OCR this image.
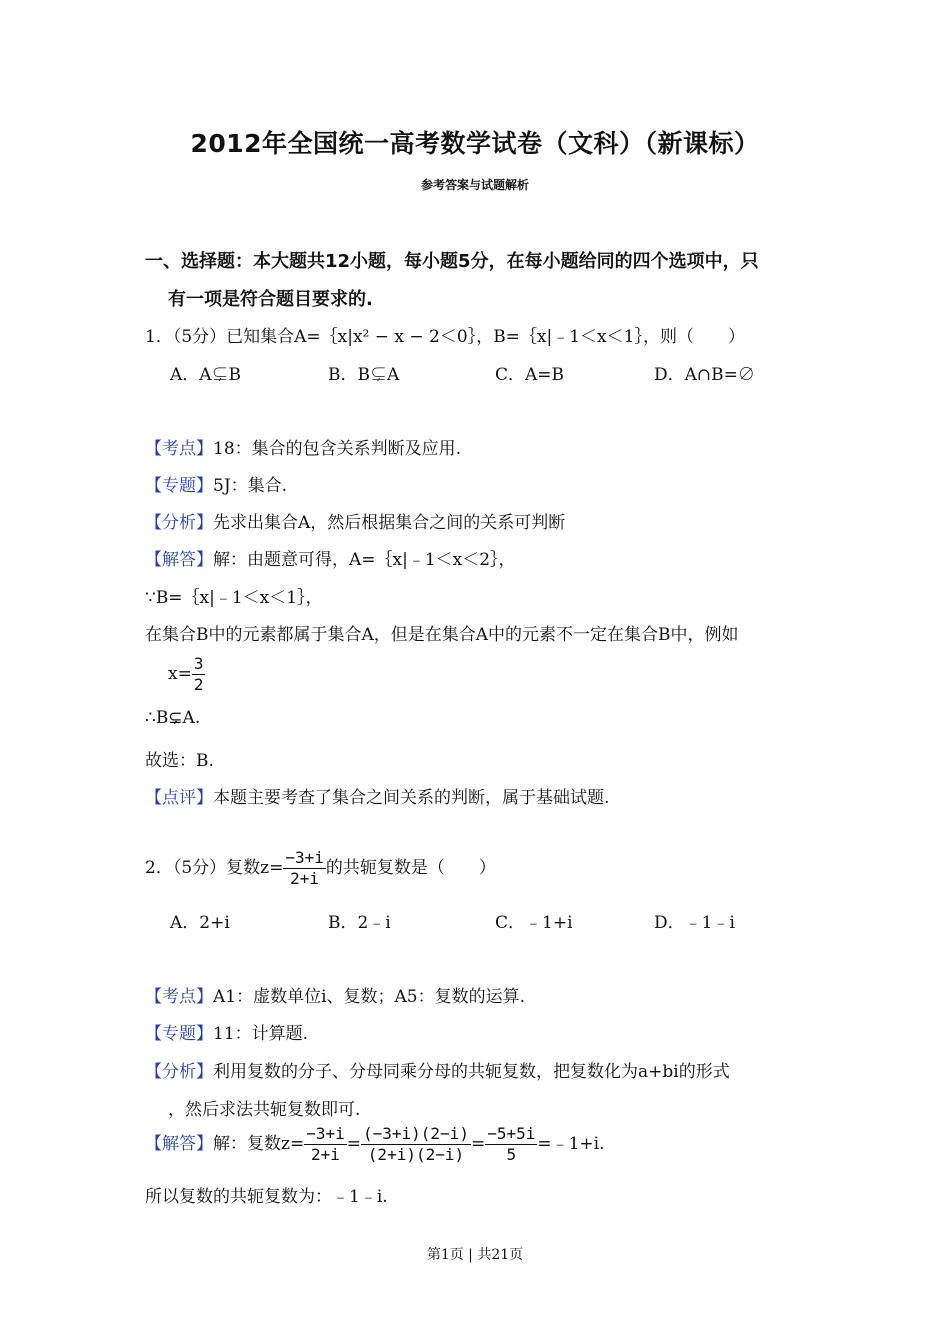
2012年全国统一高考数学试卷（文科）（新课标）
参考答案与试题解析
一、选择题：本大题共12小题，每小题5分，在每小题给同的四个选项中，只
有一项是符合题目要求的.
1．（5分）已知集合A=｛x|x² − x − 2＜0｝，B=｛x|﹣1＜x＜1｝，则（　　）
A．A⊊B	B．B⊊A	C．A=B	D．A∩B=∅
【考点】18：集合的包含关系判断及应用.
【专题】5J：集合.
【分析】先求出集合A，然后根据集合之间的关系可判断
【解答】解：由题意可得，A=｛x|﹣1＜x＜2｝，
∵B=｛x|﹣1＜x＜1｝，
在集合B中的元素都属于集合A，但是在集合A中的元素不一定在集合B中，例如
$x= \frac{3}{2}$
∴B⊊A.
故选：B.
【点评】本题主要考查了集合之间关系的判断，属于基础试题.
2．（5分）复数$z= \frac{-3+i}{2+i}$ 的共轭复数是（　　）
A．2+i	B．2﹣i	C．﹣1+i	D．﹣1﹣i
【考点】A1：虚数单位i、复数；A5：复数的运算.
【专题】11：计算题.
【分析】利用复数的分子、分母同乘分母的共轭复数，把复数化为a+bi的形式
，然后求法共轭复数即可.
【解答】解：复数$z= \frac{-3+i}{2+i} = \frac{(-3+i)(2-i)}{(2+i)(2-i)} = \frac{-5+5i}{5}$ =﹣1+i.
所以复数的共轭复数为：﹣1﹣i.
第1页 | 共21页
